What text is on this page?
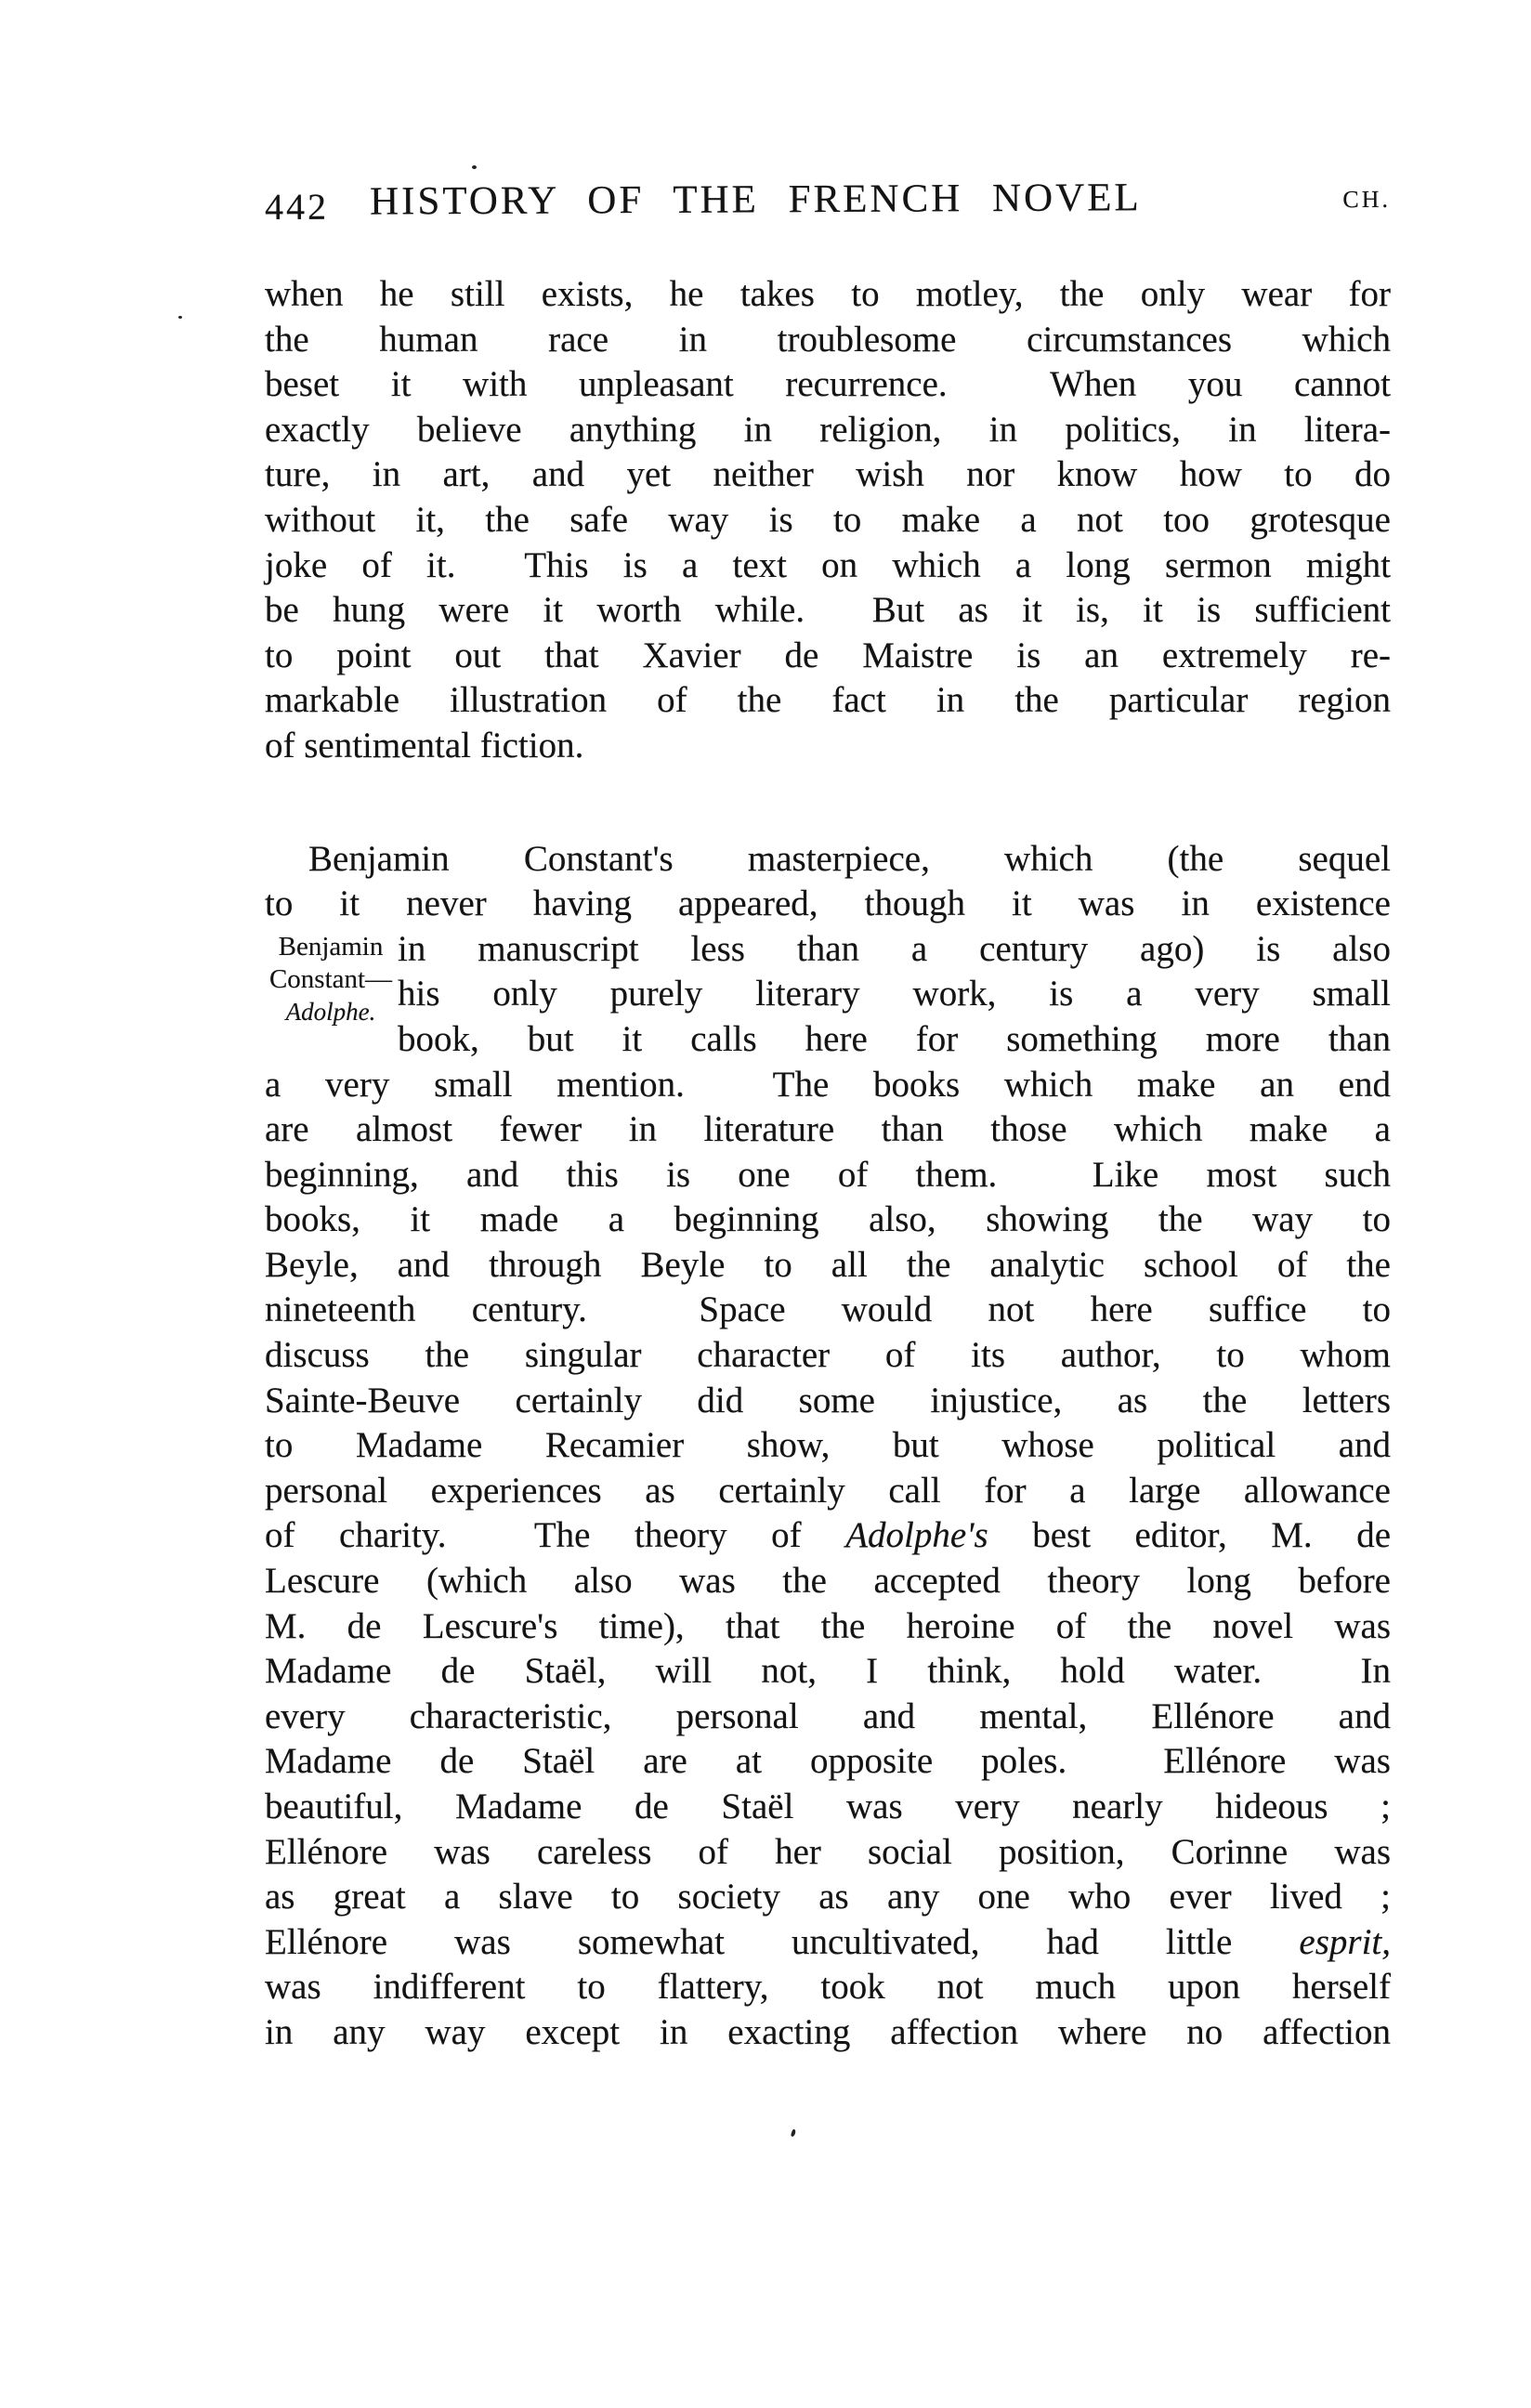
442 HISTORY OF THE FRENCH NOVEL	CH.
when he still exists, he takes to motley, the only wear for
the human race in troublesome circumstances which
beset it with unpleasant recurrence.  When you cannot
exactly believe anything in religion, in politics, in litera-
ture, in art, and yet neither wish nor know how to do
without it, the safe way is to make a not too grotesque
joke of it.  This is a text on which a long sermon might
be hung were it worth while.  But as it is, it is sufficient
to point out that Xavier de Maistre is an extremely re-
markable illustration of the fact in the particular region
of sentimental fiction.
Benjamin Constant's masterpiece, which (the sequel
to it never having appeared, though it was in existence
in manuscript less than a century ago) is also
his only purely literary work, is a very small
book, but it calls here for something more than
a very small mention.  The books which make an end
are almost fewer in literature than those which make a
beginning, and this is one of them.  Like most such
books, it made a beginning also, showing the way to
Beyle, and through Beyle to all the analytic school of the
nineteenth century.  Space would not here suffice to
discuss the singular character of its author, to whom
Sainte-Beuve certainly did some injustice, as the letters
to Madame Recamier show, but whose political and
personal experiences as certainly call for a large allowance
of charity.  The theory of Adolphe's best editor, M. de
Lescure (which also was the accepted theory long before
M. de Lescure's time), that the heroine of the novel was
Madame de Staël, will not, I think, hold water.  In
every characteristic, personal and mental, Ellénore and
Madame de Staël are at opposite poles.  Ellénore was
beautiful, Madame de Staël was very nearly hideous ;
Ellénore was careless of her social position, Corinne was
as great a slave to society as any one who ever lived ;
Ellénore was somewhat uncultivated, had little esprit,
was indifferent to flattery, took not much upon herself
in any way except in exacting affection where no affection
Benjamin
Constant—
Adolphe.
